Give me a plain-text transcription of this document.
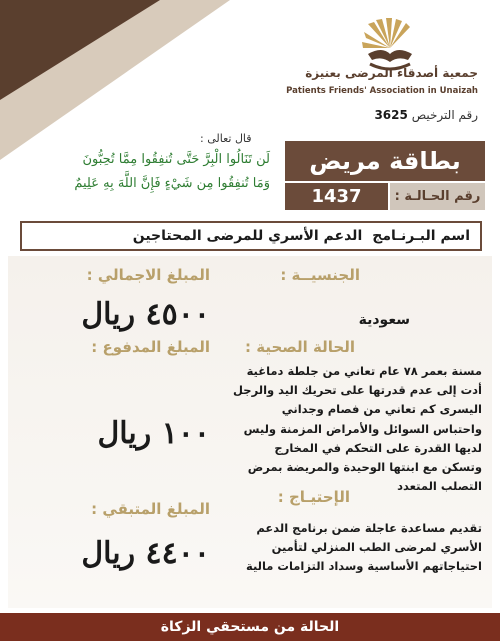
جمعية أصدقاء المرضى بعنيزة
Patients Friends' Association in Unaizah
رقم الترخيص 3625
قال تعالى :
لَن تَنَالُوا الْبِرَّ حَتَّى تُنفِقُوا مِمَّا تُحِبُّونَ
وَمَا تُنفِقُوا مِن شَيْءٍ فَإِنَّ اللَّهَ بِهِ عَلِيمٌ
بطاقة مريض
رقم الحـالـة :
1437
اسم البـرنـامج
الدعم الأسري للمرضى المحتاجين
الجنسيــة :
سعودية
الحالة الصحية :
مسنة بعمر ٧٨ عام تعاني من جلطة دماغية أدت إلى عدم قدرتها على تحريك اليد والرجل اليسرى كم تعاني من فصام وجداني واحتباس السوائل والأمراض المزمنة وليس لديها القدرة على التحكم في المخارج وتسكن مع ابنتها الوحيدة والمريضة بمرض التصلب المتعدد
الإحتيـاج :
تقديم مساعدة عاجلة ضمن برنامج الدعم الأسري لمرضى الطب المنزلي لتأمين احتياجاتهم الأساسية وسداد التزامات مالية
المبلغ الاجمالي :
٤٥٠٠ ريال
المبلغ المدفوع :
١٠٠ ريال
المبلغ المتبقي :
٤٤٠٠ ريال
الحالة من مستحقي الزكاة
